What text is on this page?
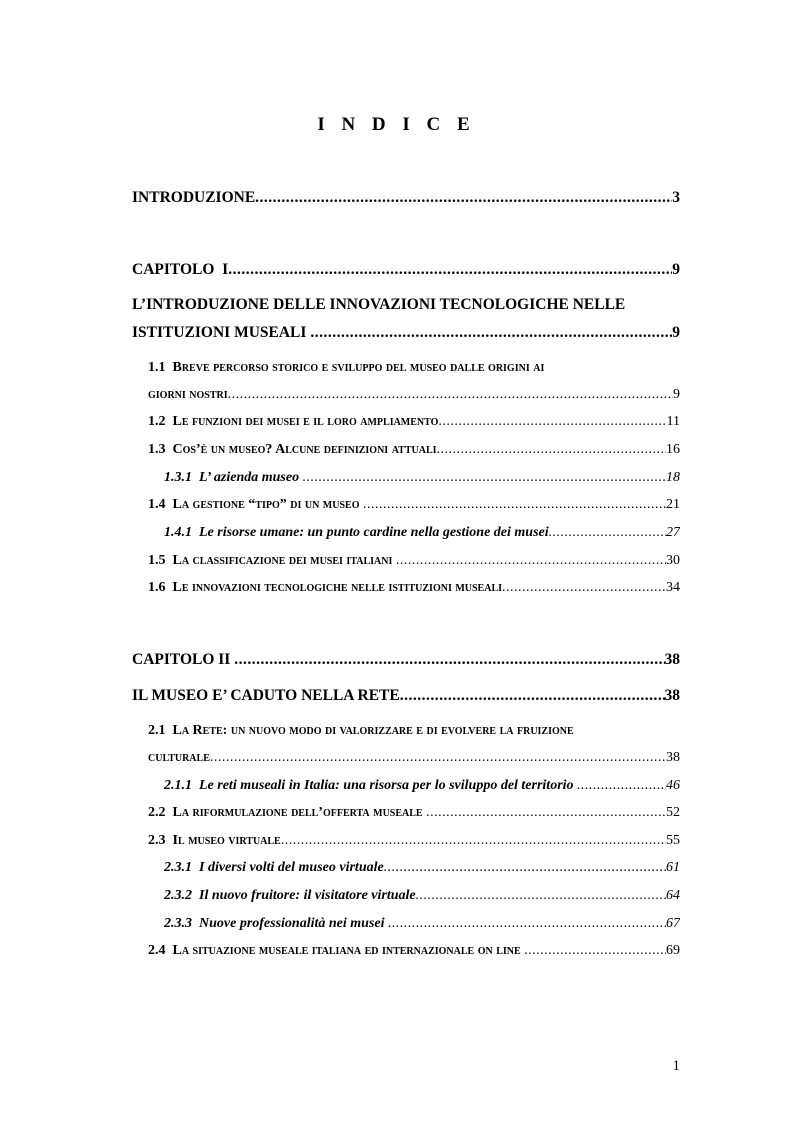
I N D I C E
INTRODUZIONE .....	3
CAPITOLO  I .....	9
L’INTRODUZIONE DELLE INNOVAZIONI TECNOLOGICHE NELLE
ISTITUZIONI MUSEALI .....	9
1.1  Breve percorso storico e sviluppo del museo dalle origini ai
giorni nostri .....	9
1.2  Le funzioni dei musei e il loro ampliamento .....	11
1.3  Cos’è un museo? Alcune definizioni attuali .....	16
1.3.1  L’ azienda museo .....	18
1.4  La gestione “tipo” di un museo .....	21
1.4.1  Le risorse umane: un punto cardine nella gestione dei musei .....	27
1.5  La classificazione dei musei italiani .....	30
1.6  Le innovazioni tecnologiche nelle istituzioni museali .....	34
CAPITOLO II .....	38
IL MUSEO E’ CADUTO NELLA RETE .....	38
2.1  La Rete: un nuovo modo di valorizzare e di evolvere la fruizione
culturale .....	38
2.1.1  Le reti museali in Italia: una risorsa per lo sviluppo del territorio .....	46
2.2  La riformulazione dell’offerta museale .....	52
2.3  Il museo virtuale .....	55
2.3.1  I diversi volti del museo virtuale .....	61
2.3.2  Il nuovo fruitore: il visitatore virtuale .....	64
2.3.3  Nuove professionalità nei musei .....	67
2.4  La situazione museale italiana ed internazionale on line .....	69
1
